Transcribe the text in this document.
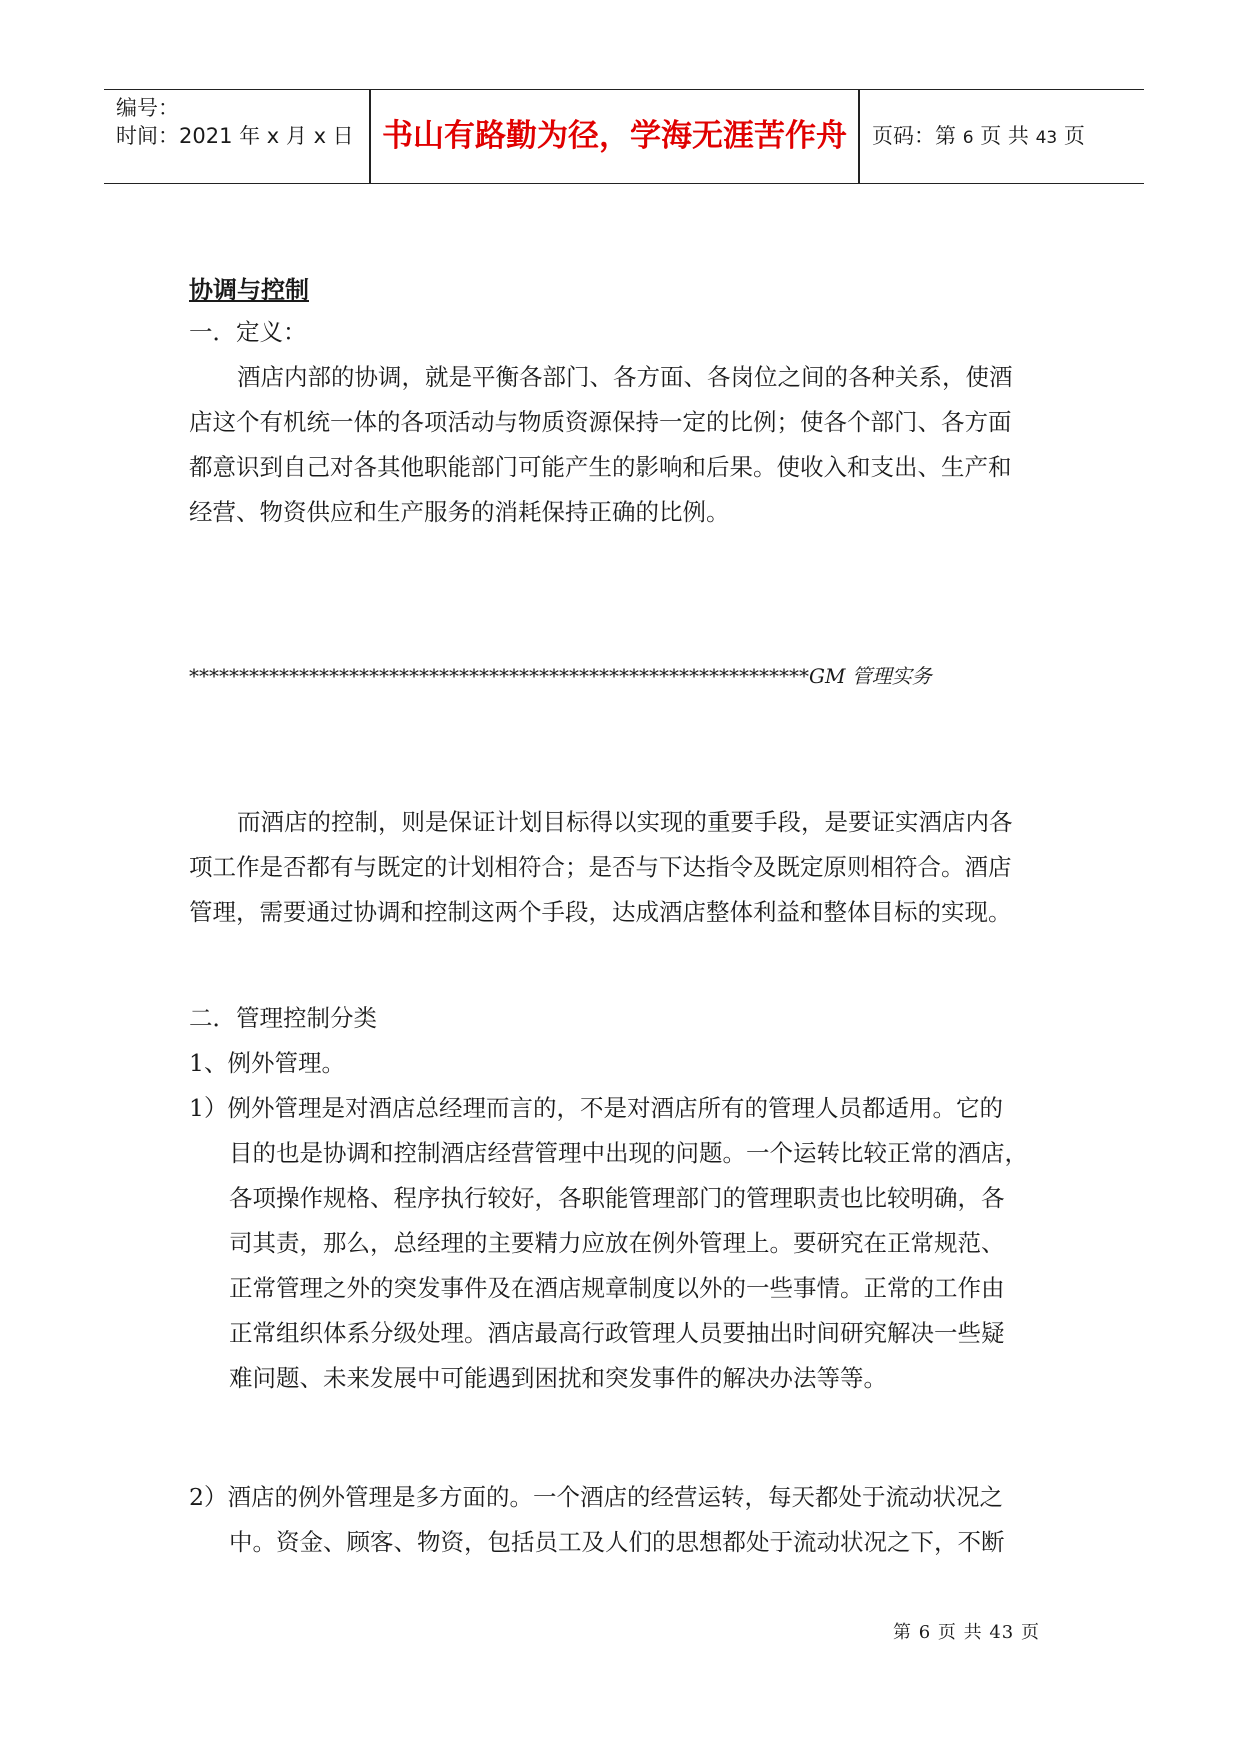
编号：
时间：2021 年 x 月 x 日 书山有路勤为径，学海无涯苦作舟	页码：第 6 页 共 43 页
协调与控制
一．定义：
酒店内部的协调，就是平衡各部门、各方面、各岗位之间的各种关系，使酒
店这个有机统一体的各项活动与物质资源保持一定的比例；使各个部门、各方面
都意识到自己对各其他职能部门可能产生的影响和后果。使收入和支出、生产和
经营、物资供应和生产服务的消耗保持正确的比例。
**************************************************************GM 管理实务
而酒店的控制，则是保证计划目标得以实现的重要手段，是要证实酒店内各
项工作是否都有与既定的计划相符合；是否与下达指令及既定原则相符合。酒店
管理，需要通过协调和控制这两个手段，达成酒店整体利益和整体目标的实现。
二．管理控制分类
1、例外管理。
1）例外管理是对酒店总经理而言的，不是对酒店所有的管理人员都适用。它的
目的也是协调和控制酒店经营管理中出现的问题。一个运转比较正常的酒店，
各项操作规格、程序执行较好，各职能管理部门的管理职责也比较明确，各
司其责，那么，总经理的主要精力应放在例外管理上。要研究在正常规范、
正常管理之外的突发事件及在酒店规章制度以外的一些事情。正常的工作由
正常组织体系分级处理。酒店最高行政管理人员要抽出时间研究解决一些疑
难问题、未来发展中可能遇到困扰和突发事件的解决办法等等。
2）酒店的例外管理是多方面的。一个酒店的经营运转，每天都处于流动状况之
中。资金、顾客、物资，包括员工及人们的思想都处于流动状况之下，不断
第 6 页 共 43 页
